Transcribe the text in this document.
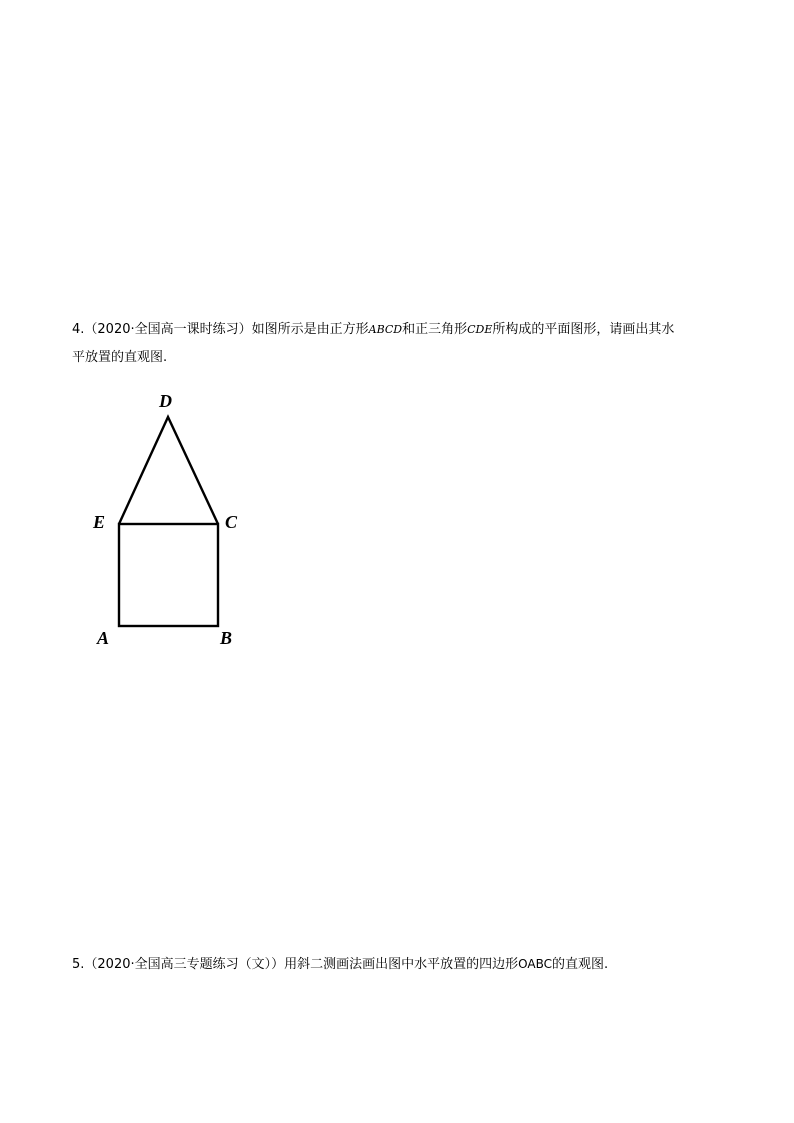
4.（2020·全国高一课时练习）如图所示是由正方形ABCD和正三角形CDE所构成的平面图形，请画出其水
平放置的直观图.
D
E	C
A	B
5.（2020·全国高三专题练习（文））用斜二测画法画出图中水平放置的四边形OABC的直观图.
